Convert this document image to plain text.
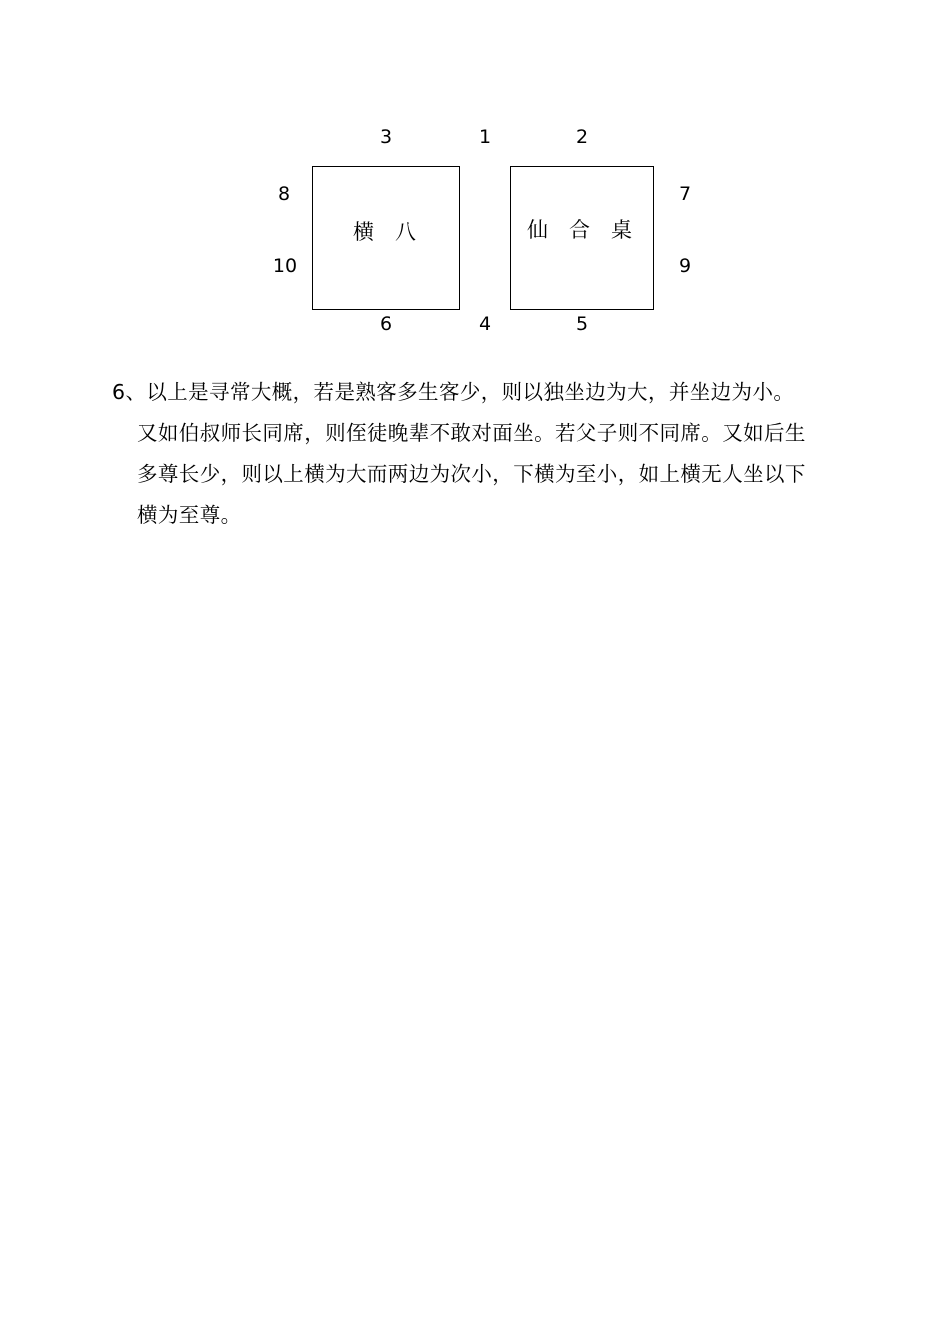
3	1	2
8	7
10	9
6	4	5
横　八	仙　合　桌
6、以上是寻常大概，若是熟客多生客少，则以独坐边为大，并坐边为小。
又如伯叔师长同席，则侄徒晚辈不敢对面坐。若父子则不同席。又如后生
多尊长少，则以上横为大而两边为次小，下横为至小，如上横无人坐以下
横为至尊。
